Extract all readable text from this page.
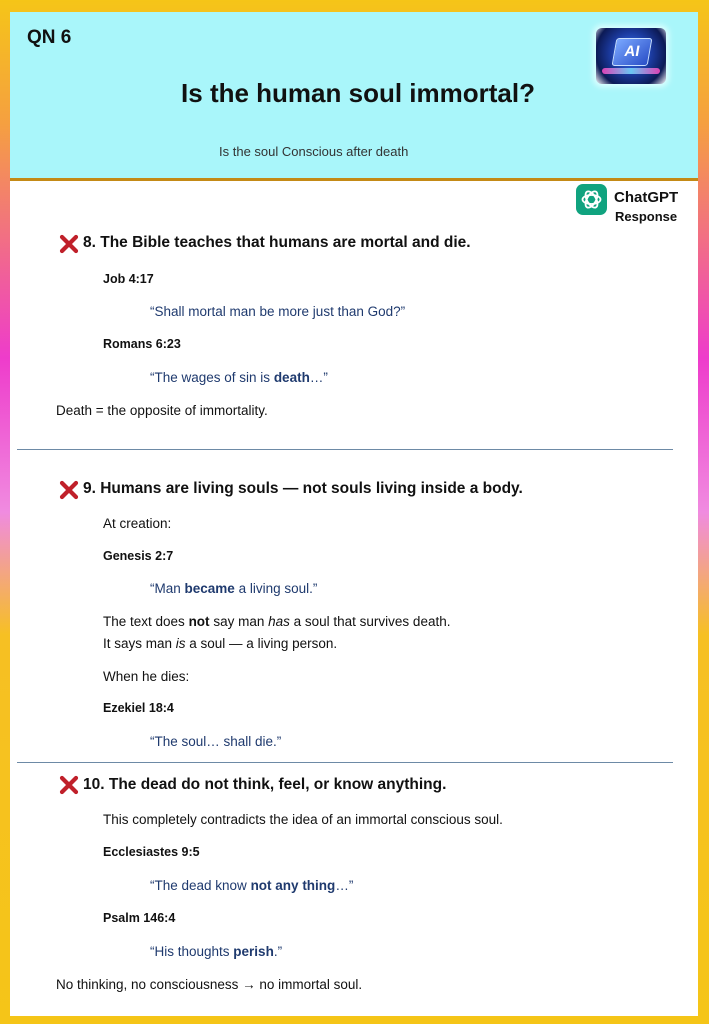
QN 6
Is the human soul immortal?
Is the soul Conscious after death
AI
ChatGPT
Response
8. The Bible teaches that humans are mortal and die.
Job 4:17
“Shall mortal man be more just than God?”
Romans 6:23
“The wages of sin is death…”
Death = the opposite of immortality.
9. Humans are living souls — not souls living inside a body.
At creation:
Genesis 2:7
“Man became a living soul.”
The text does not say man has a soul that survives death.
It says man is a soul — a living person.
When he dies:
Ezekiel 18:4
“The soul… shall die.”
10. The dead do not think, feel, or know anything.
This completely contradicts the idea of an immortal conscious soul.
Ecclesiastes 9:5
“The dead know not any thing…”
Psalm 146:4
“His thoughts perish.”
No thinking, no consciousness → no immortal soul.
